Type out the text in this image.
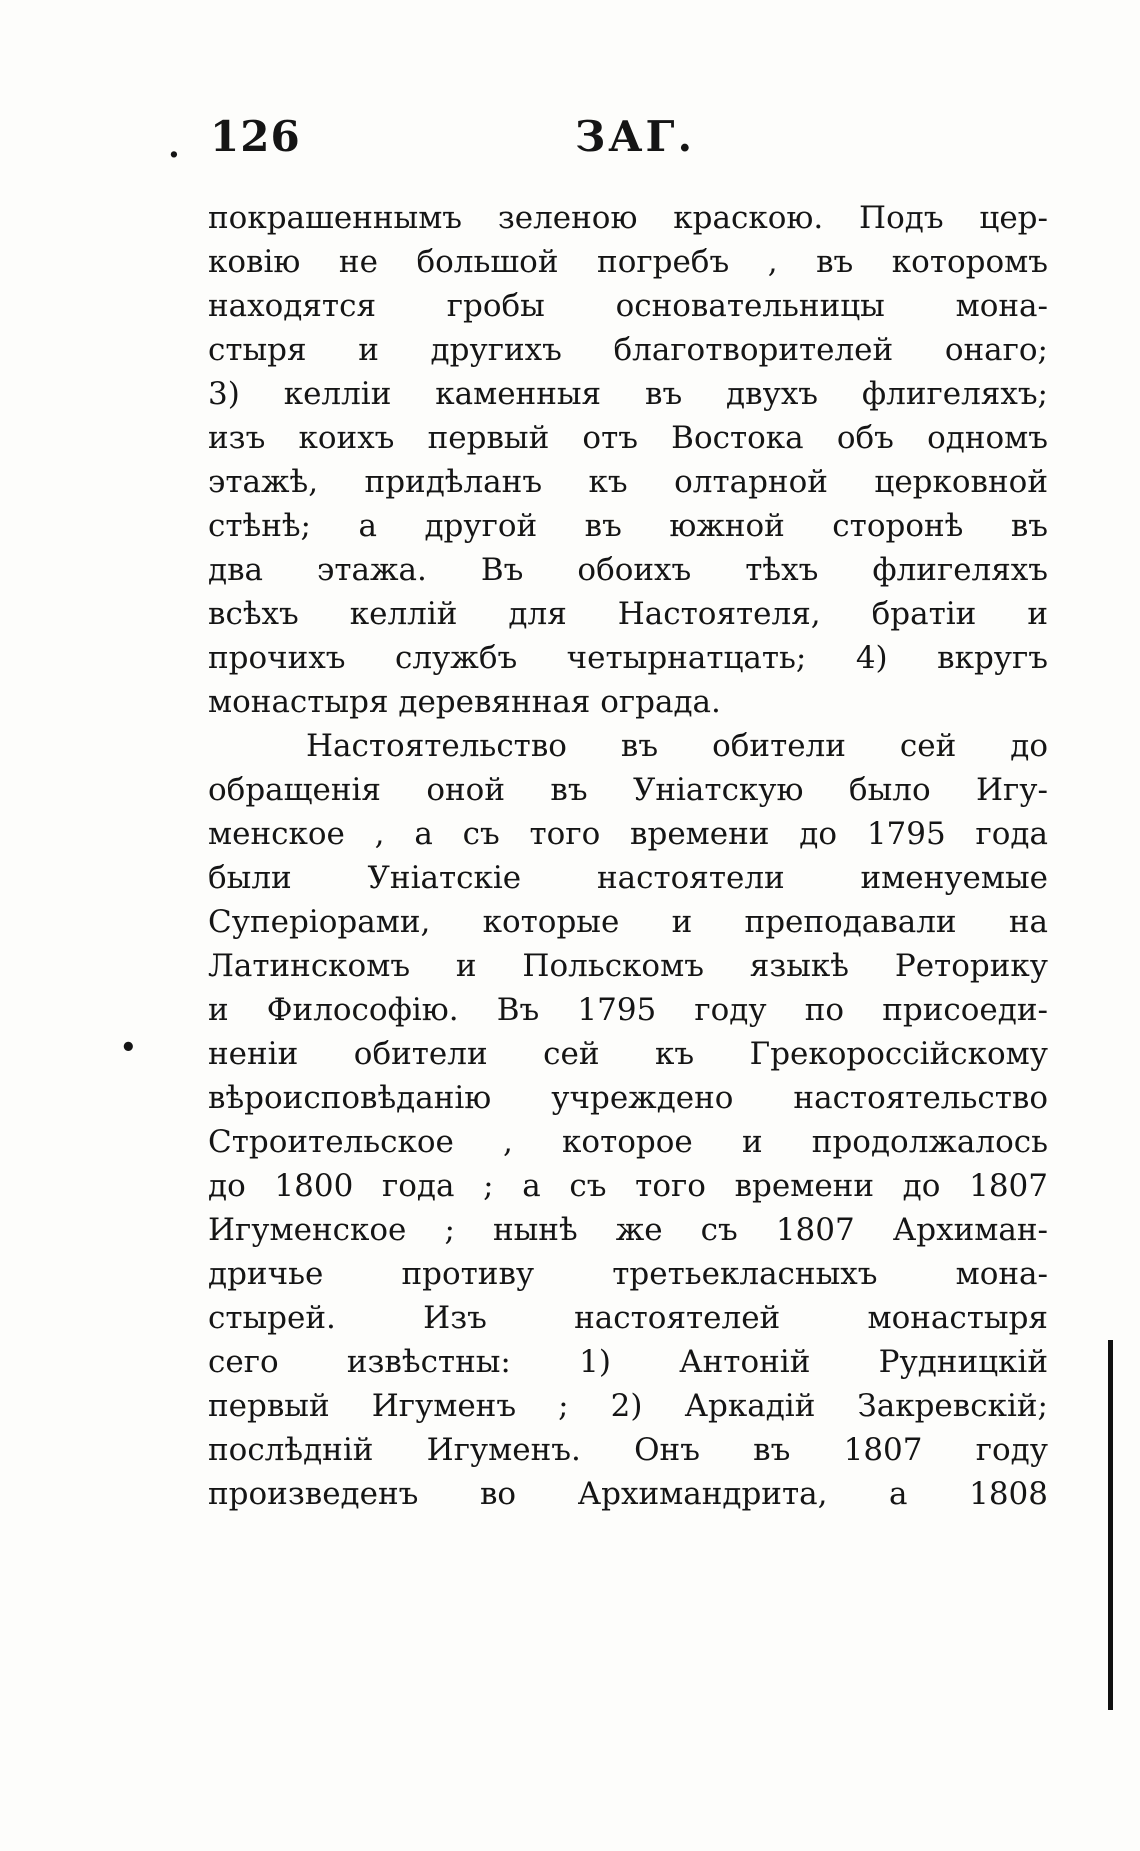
. 126	ЗАГ.
•
покрашеннымъ зеленою краскою. Подъ цер-
ковію не большой погребъ , въ которомъ
находятся гробы основательницы мона-
стыря и другихъ благотворителей онаго;
3) келліи каменныя въ двухъ флигеляхъ;
изъ коихъ первый отъ Востока объ одномъ
этажѣ, придѣланъ къ олтарной церковной
стѣнѣ; а другой въ южной сторонѣ въ
два этажа. Въ обоихъ тѣхъ флигеляхъ
всѣхъ келлій для Настоятеля, братіи и
прочихъ службъ четырнатцать; 4) вкругъ
монастыря деревянная ограда.
Настоятельство въ обители сей до
обращенія оной въ Уніатскую было Игу-
менское , а съ того времени до 1795 года
были Уніатскіе настоятели именуемые
Суперіорами, которые и преподавали на
Латинскомъ и Польскомъ языкѣ Реторику
и Философію. Въ 1795 году по присоеди-
неніи обители сей къ Грекороссійскому
вѣроисповѣданію учреждено настоятельство
Строительское , которое и продолжалось
до 1800 года ; а съ того времени до 1807
Игуменское ; нынѣ же съ 1807 Архиман-
дричье противу третьекласныхъ мона-
стырей. Изъ настоятелей монастыря
сего извѣстны: 1) Антоній Рудницкій
первый Игуменъ ; 2) Аркадій Закревскій;
послѣдній Игуменъ. Онъ въ 1807 году
произведенъ во Архимандрита, а 1808
